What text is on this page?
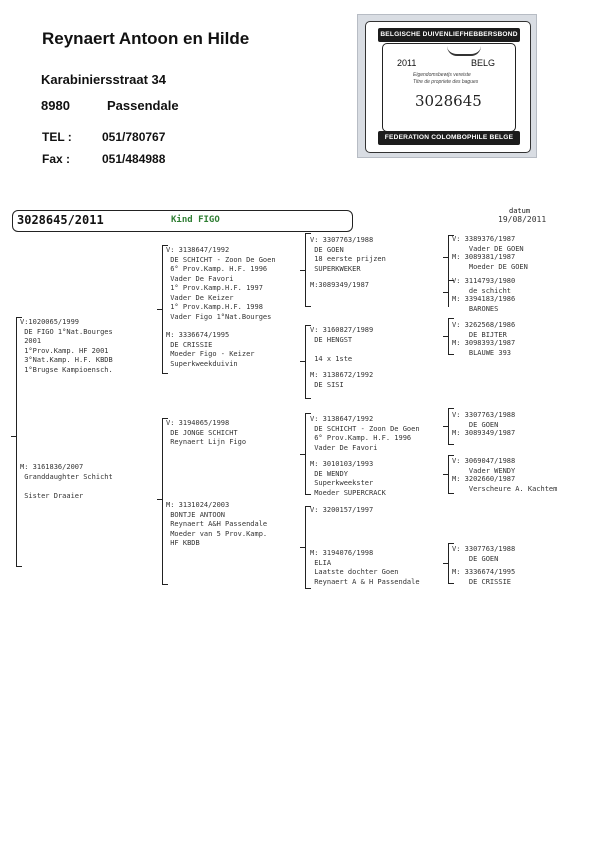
Reynaert Antoon en Hilde
Karabiniersstraat 34
8980	Passendale
TEL :	051/780767
Fax :	051/484988
BELGISCHE DUIVENLIEFHEBBERSBOND
2011	BELG
Eigendomsbewijs vereiste
Titre de propriete des bagues
3028645
FEDERATION COLOMBOPHILE BELGE
3028645/2011	Kind FIGO
datum
19/08/2011
V:1020065/1999
DE FIGO 1°Nat.Bourges
2001
1°Prov.Kamp. HF 2001
3°Nat.Kamp. H.F. KBDB
1°Brugse Kampioensch.
M: 3161836/2007
Granddaughter Schicht

Sister Draaier
V: 3138647/1992
DE SCHICHT - Zoon De Goen
6° Prov.Kamp. H.F. 1996
Vader De Favori
1° Prov.Kamp.H.F. 1997
Vader De Keizer
1° Prov.Kamp.H.F. 1998
Vader Figo 1°Nat.Bourges
M: 3336674/1995
DE CRISSIE
Moeder Figo - Keizer
Superkweekduivin
V: 3194065/1998
DE JONGE SCHICHT
Reynaert Lijn Figo
M: 3131024/2003
BONTJE ANTOON
Reynaert A&H Passendale
Moeder van 5 Prov.Kamp.
HF KBDB
V: 3307763/1988
DE GOEN
18 eerste prijzen
SUPERKWEKER
M:3089349/1987
V: 3160827/1989
DE HENGST

14 x 1ste
M: 3138672/1992
DE SISI
V: 3138647/1992
DE SCHICHT - Zoon De Goen
6° Prov.Kamp. H.F. 1996
Vader De Favori
M: 3010103/1993
DE WENDY
Superkweekster
Moeder SUPERCRACK
V: 3200157/1997
M: 3194076/1998
ELIA
Laatste dochter Goen
Reynaert A & H Passendale
V: 3389376/1987
Vader DE GOEN
M: 3089381/1987
Moeder DE GOEN
V: 3114793/1980
de schicht
M: 3394183/1986
BARONES
V: 3262568/1986
DE BIJTER
M: 3098393/1987
BLAUWE 393
V: 3307763/1988
DE GOEN
M: 3089349/1987
V: 3069047/1988
Vader WENDY
M: 3202660/1987
Verscheure A. Kachtem
V: 3307763/1988
DE GOEN
M: 3336674/1995
DE CRISSIE
